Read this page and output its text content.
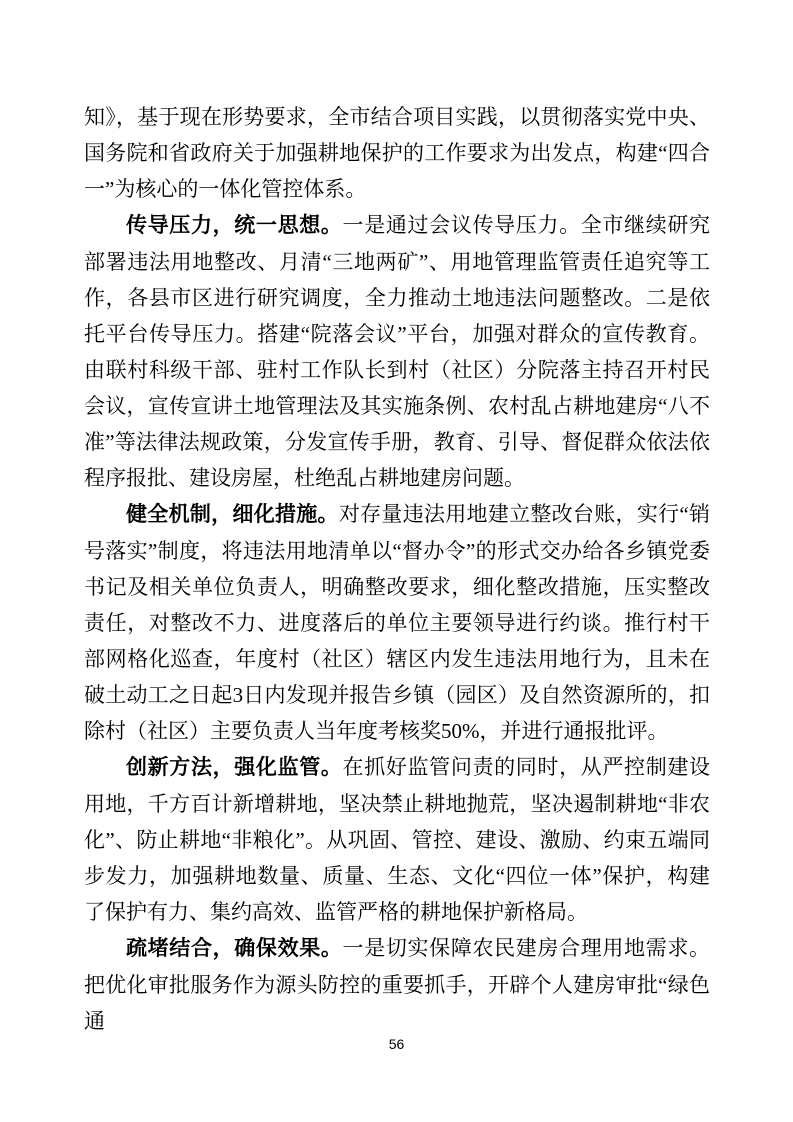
知》，基于现在形势要求，全市结合项目实践，以贯彻落实党中央、国务院和省政府关于加强耕地保护的工作要求为出发点，构建“四合一”为核心的一体化管控体系。

传导压力，统一思想。一是通过会议传导压力。全市继续研究部署违法用地整改、月清“三地两矿”、用地管理监管责任追究等工作，各县市区进行研究调度，全力推动土地违法问题整改。二是依托平台传导压力。搭建“院落会议”平台，加强对群众的宣传教育。由联村科级干部、驻村工作队长到村（社区）分院落主持召开村民会议，宣传宣讲土地管理法及其实施条例、农村乱占耕地建房“八不准”等法律法规政策，分发宣传手册，教育、引导、督促群众依法依程序报批、建设房屋，杜绝乱占耕地建房问题。

健全机制，细化措施。对存量违法用地建立整改台账，实行“销号落实”制度，将违法用地清单以“督办令”的形式交办给各乡镇党委书记及相关单位负责人，明确整改要求，细化整改措施，压实整改责任，对整改不力、进度落后的单位主要领导进行约谈。推行村干部网格化巡查，年度村（社区）辖区内发生违法用地行为，且未在破土动工之日起3日内发现并报告乡镇（园区）及自然资源所的，扣除村（社区）主要负责人当年度考核奖50%，并进行通报批评。

创新方法，强化监管。在抓好监管问责的同时，从严控制建设用地，千方百计新增耕地，坚决禁止耕地抛荒，坚决遏制耕地“非农化”、防止耕地“非粮化”。从巩固、管控、建设、激励、约束五端同步发力，加强耕地数量、质量、生态、文化“四位一体”保护，构建了保护有力、集约高效、监管严格的耕地保护新格局。

疏堵结合，确保效果。一是切实保障农民建房合理用地需求。把优化审批服务作为源头防控的重要抓手，开辟个人建房审批“绿色通

56
